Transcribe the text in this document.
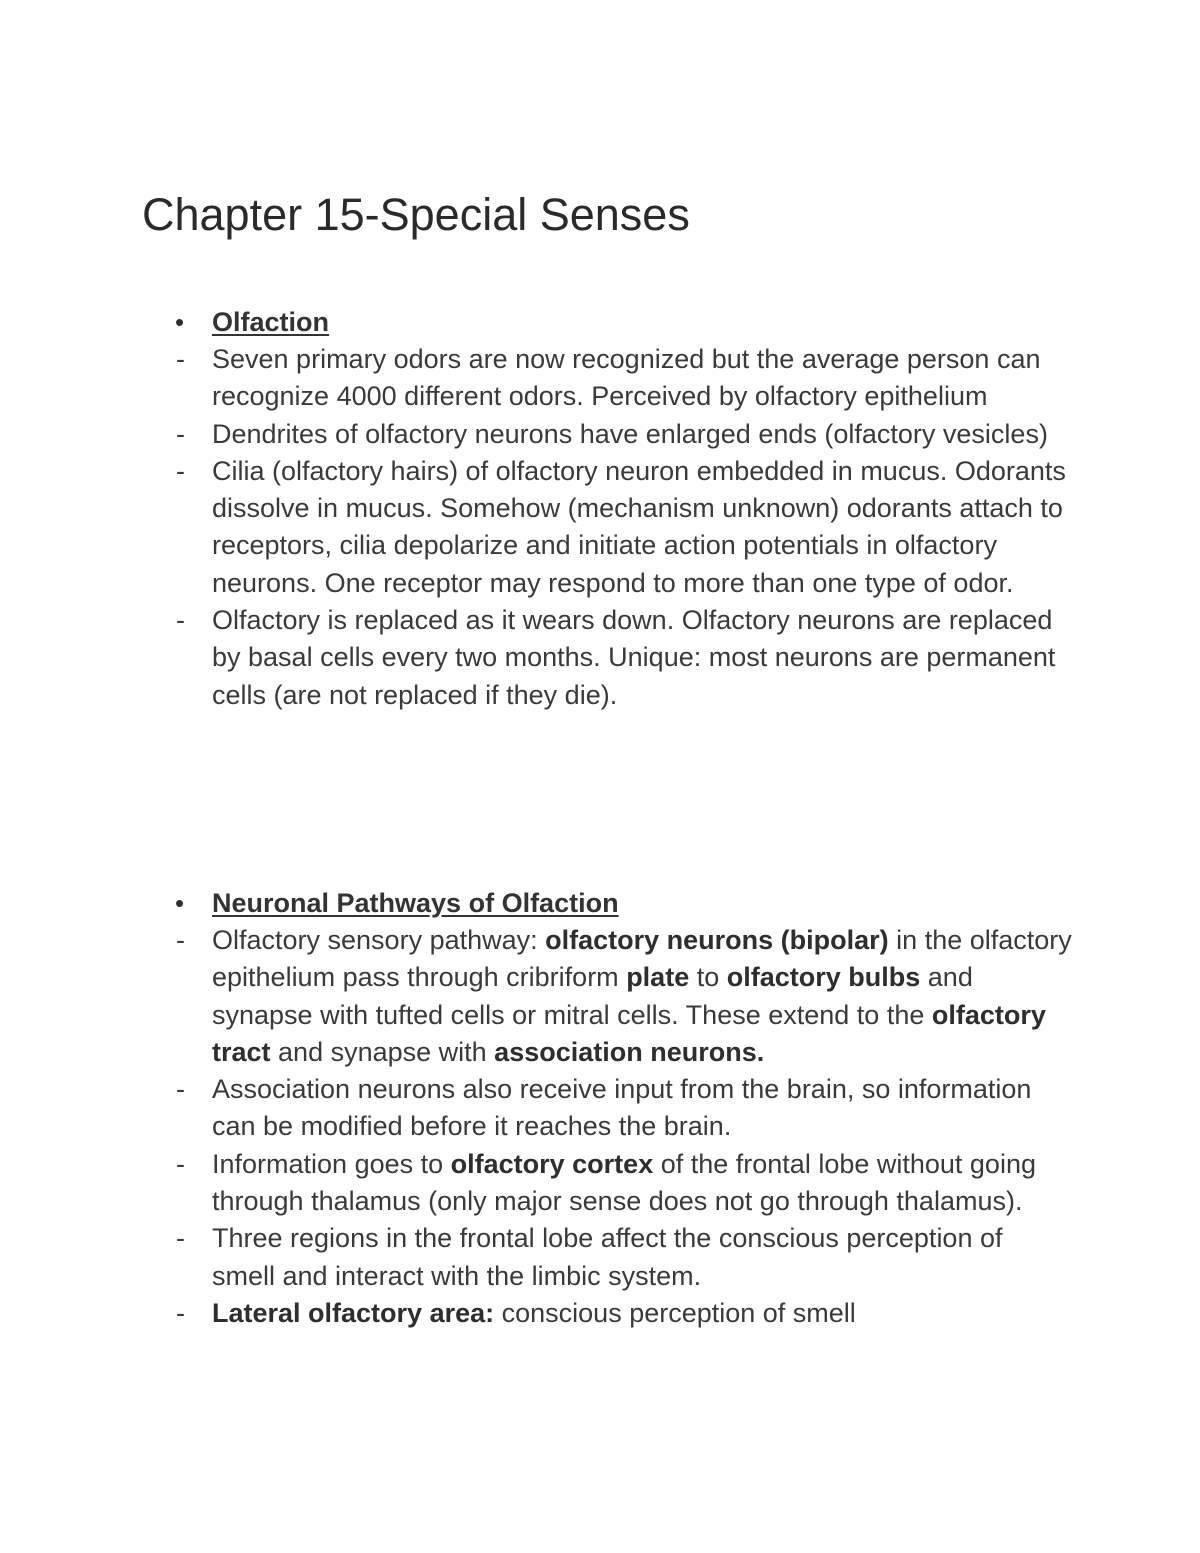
Chapter 15-Special Senses
• Olfaction
- Seven primary odors are now recognized but the average person can recognize 4000 different odors. Perceived by olfactory epithelium
- Dendrites of olfactory neurons have enlarged ends (olfactory vesicles)
- Cilia (olfactory hairs) of olfactory neuron embedded in mucus. Odorants dissolve in mucus. Somehow (mechanism unknown) odorants attach to receptors, cilia depolarize and initiate action potentials in olfactory neurons. One receptor may respond to more than one type of odor.
- Olfactory is replaced as it wears down. Olfactory neurons are replaced by basal cells every two months. Unique: most neurons are permanent cells (are not replaced if they die).
• Neuronal Pathways of Olfaction
- Olfactory sensory pathway: olfactory neurons (bipolar) in the olfactory epithelium pass through cribriform plate to olfactory bulbs and synapse with tufted cells or mitral cells. These extend to the olfactory tract and synapse with association neurons.
- Association neurons also receive input from the brain, so information can be modified before it reaches the brain.
- Information goes to olfactory cortex of the frontal lobe without going through thalamus (only major sense does not go through thalamus).
- Three regions in the frontal lobe affect the conscious perception of smell and interact with the limbic system.
- Lateral olfactory area: conscious perception of smell
